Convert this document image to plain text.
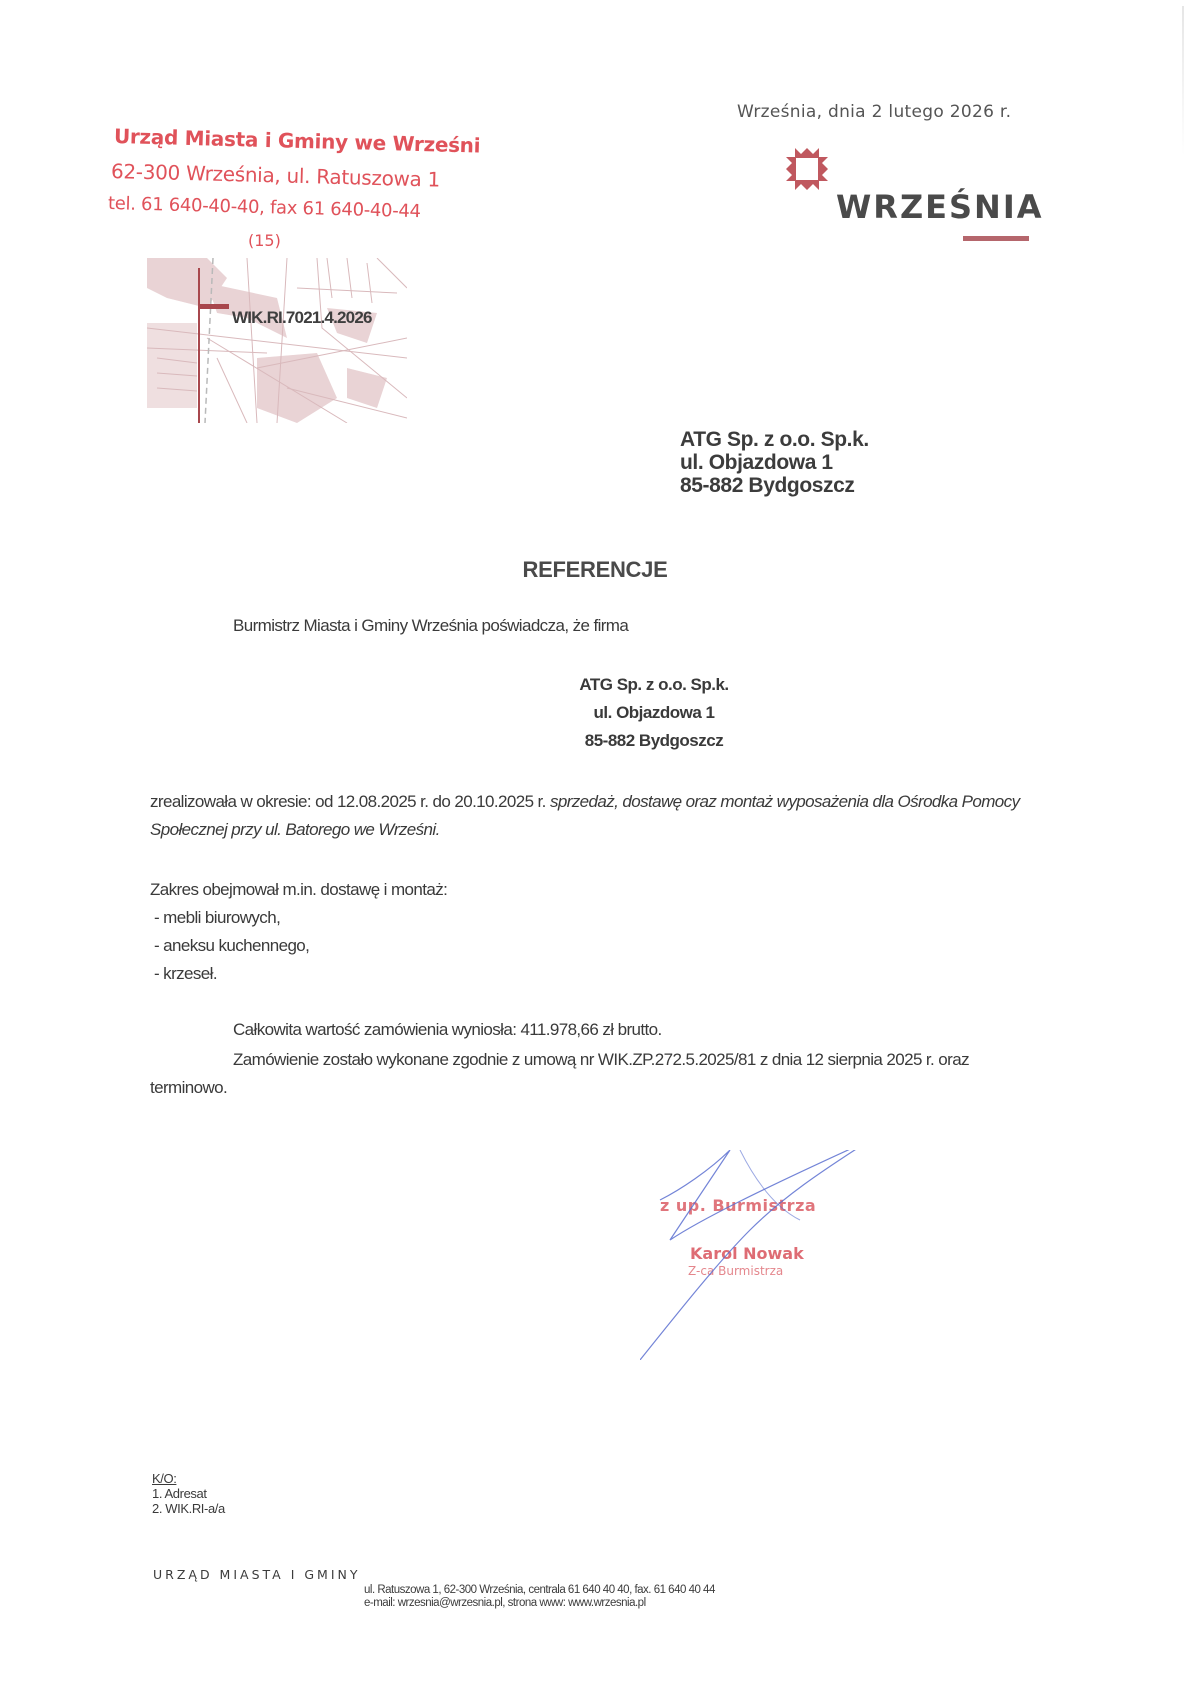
Urząd Miasta i Gminy we Wrześni
62-300 Września, ul. Ratuszowa 1
tel. 61 640-40-40, fax 61 640-40-44
(15)
WIK.RI.7021.4.2026
Września, dnia 2 lutego 2026 r.
WRZEŚNIA
ATG Sp. z o.o. Sp.k.
ul. Objazdowa 1
85-882 Bydgoszcz
REFERENCJE
Burmistrz Miasta i Gminy Września poświadcza, że firma
ATG Sp. z o.o. Sp.k.
ul. Objazdowa 1
85-882 Bydgoszcz
zrealizowała w okresie: od 12.08.2025 r. do 20.10.2025 r. sprzedaż, dostawę oraz montaż wyposażenia dla Ośrodka Pomocy Społecznej przy ul. Batorego we Wrześni.
Zakres obejmował m.in. dostawę i montaż:
- mebli biurowych,
- aneksu kuchennego,
- krzeseł.
Całkowita wartość zamówienia wyniosła: 411.978,66 zł brutto.
Zamówienie zostało wykonane zgodnie z umową nr WIK.ZP.272.5.2025/81 z dnia 12 sierpnia 2025 r. oraz terminowo.
z up. Burmistrza
Karol Nowak
Z-ca Burmistrza
K/O:
1. Adresat
2. WIK.RI-a/a
URZĄD MIASTA I GMINY
ul. Ratuszowa 1, 62-300 Września, centrala 61 640 40 40, fax. 61 640 40 44
e-mail: wrzesnia@wrzesnia.pl, strona www: www.wrzesnia.pl
